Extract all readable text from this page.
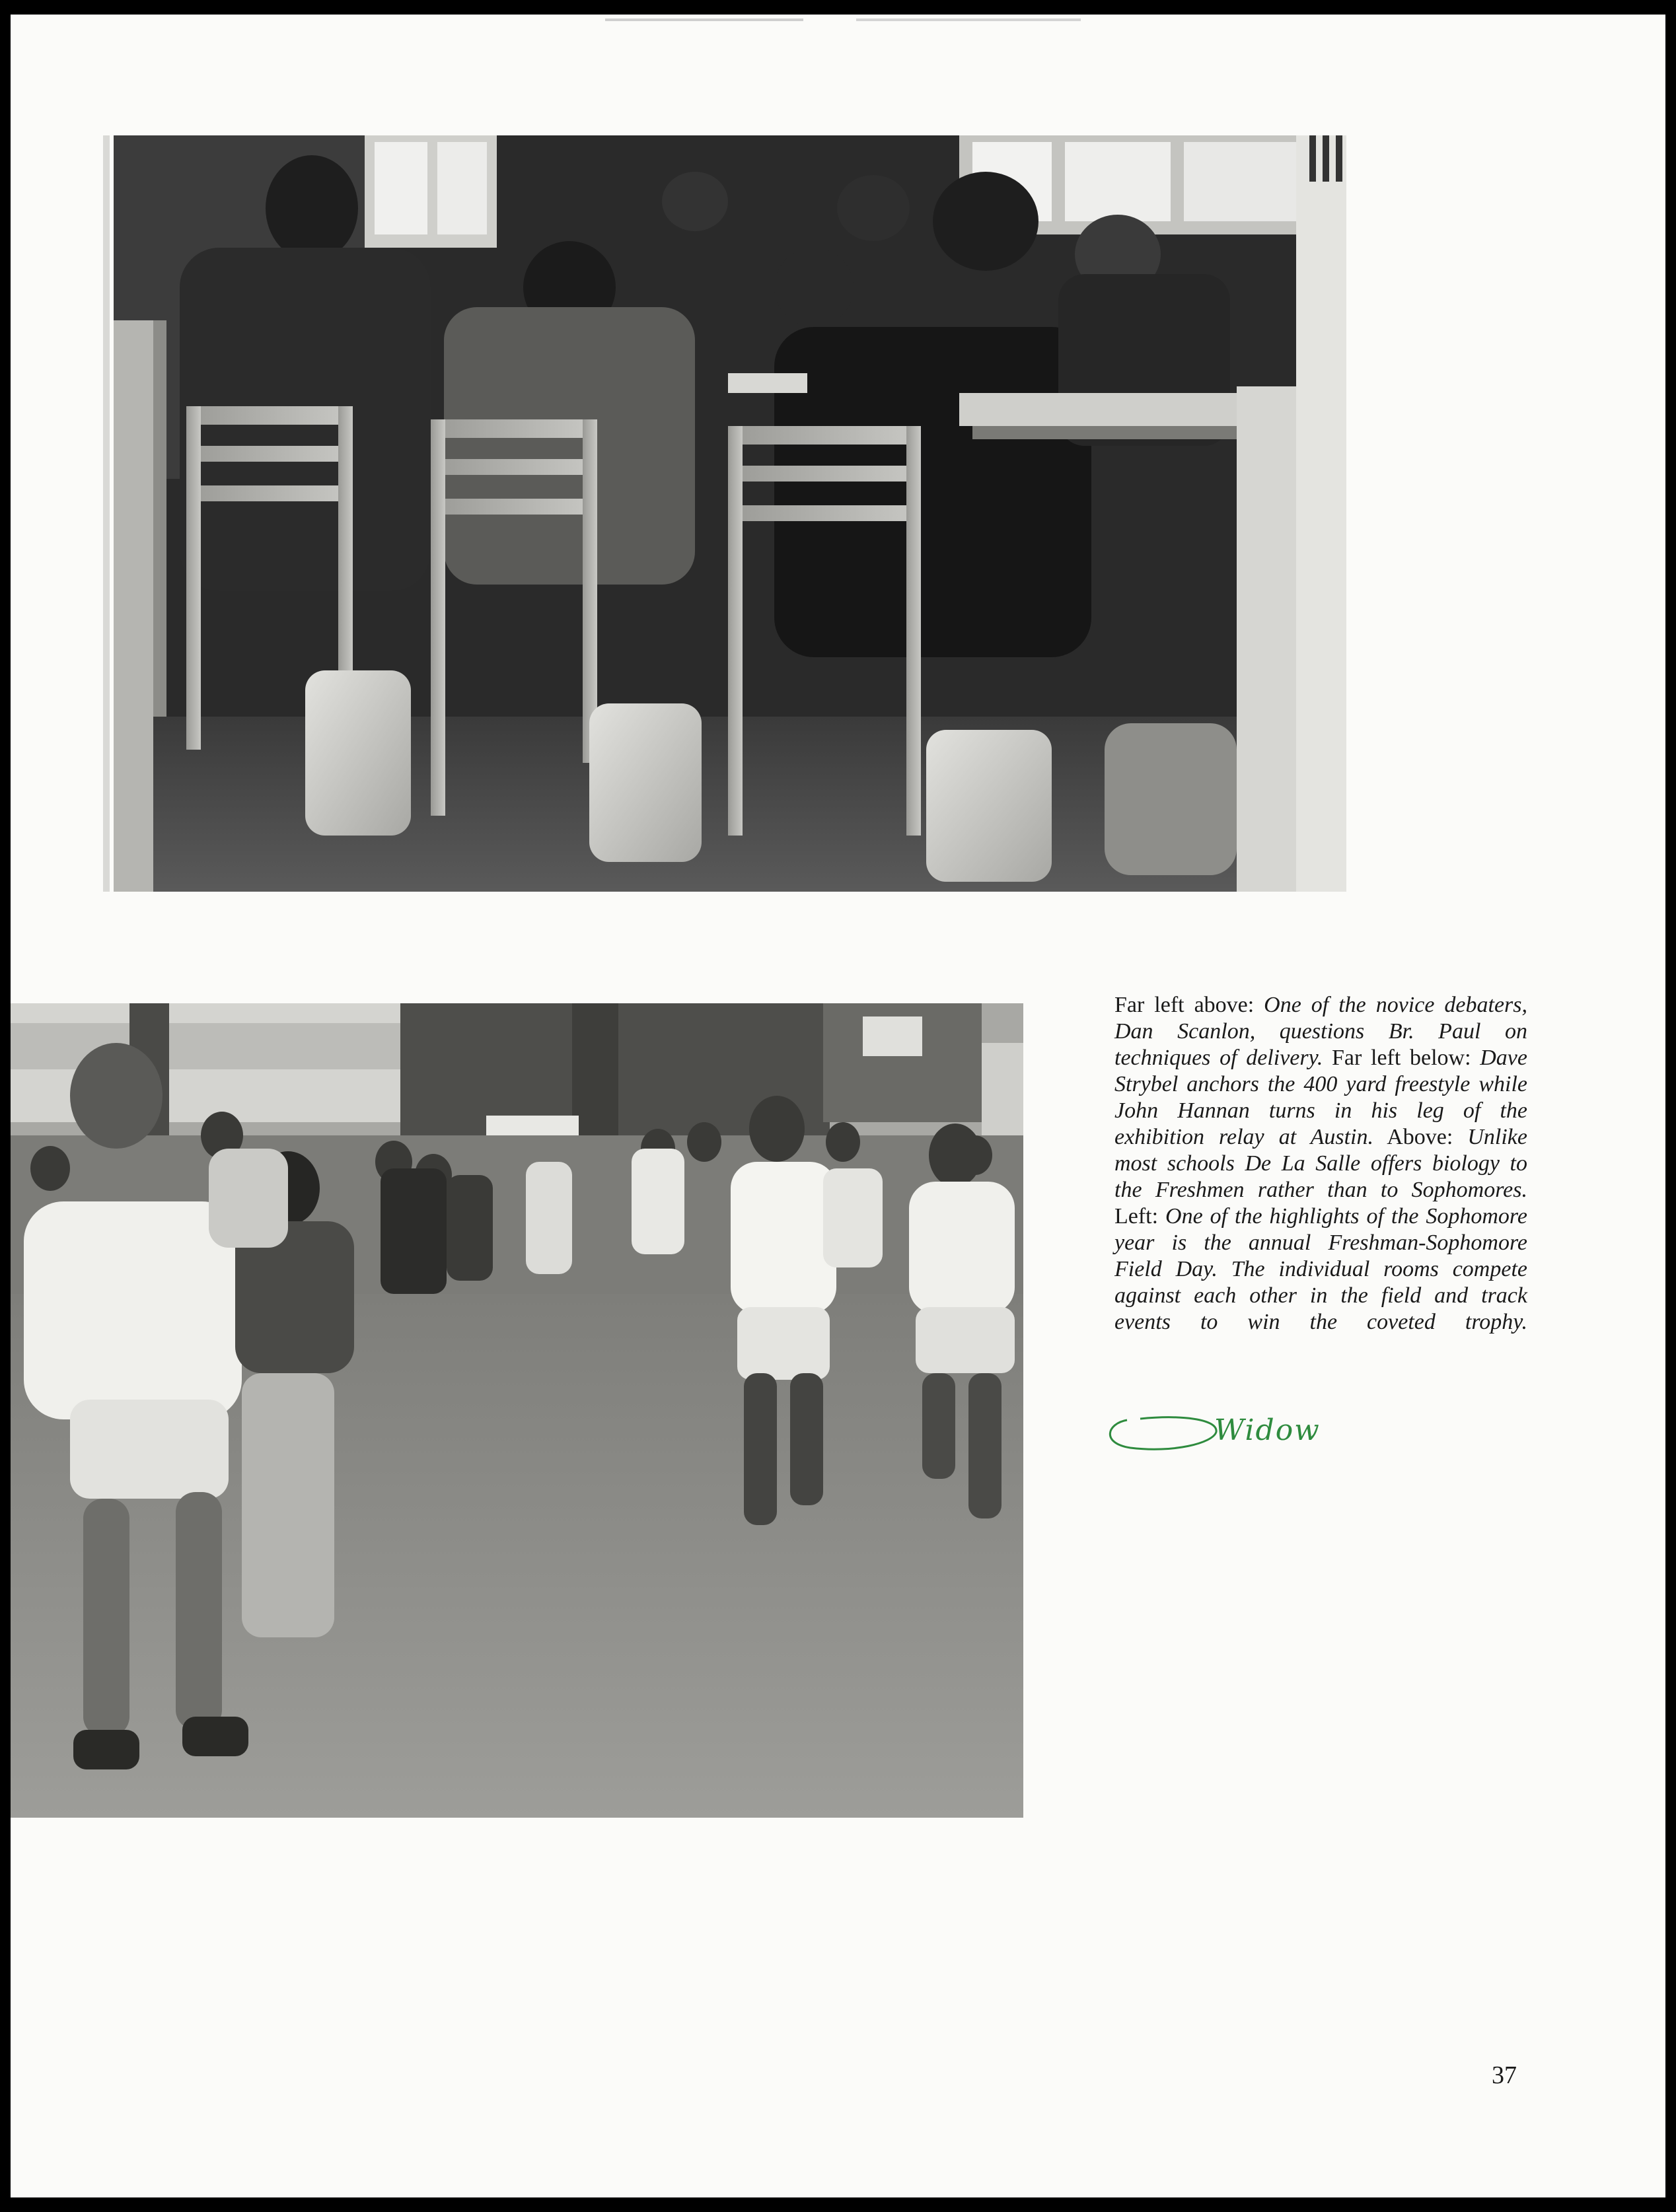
Far left above: One of the novice debaters, Dan Scanlon, questions Br. Paul on techniques of delivery. Far left below: Dave Strybel anchors the 400 yard freestyle while John Hannan turns in his leg of the exhibition relay at Austin. Above: Unlike most schools De La Salle offers biology to the Freshmen rather than to Sophomores. Left: One of the highlights of the Sophomore year is the annual Freshman-Sophomore Field Day. The individual rooms compete against each other in the field and track events to win the coveted trophy.

Widow
37
